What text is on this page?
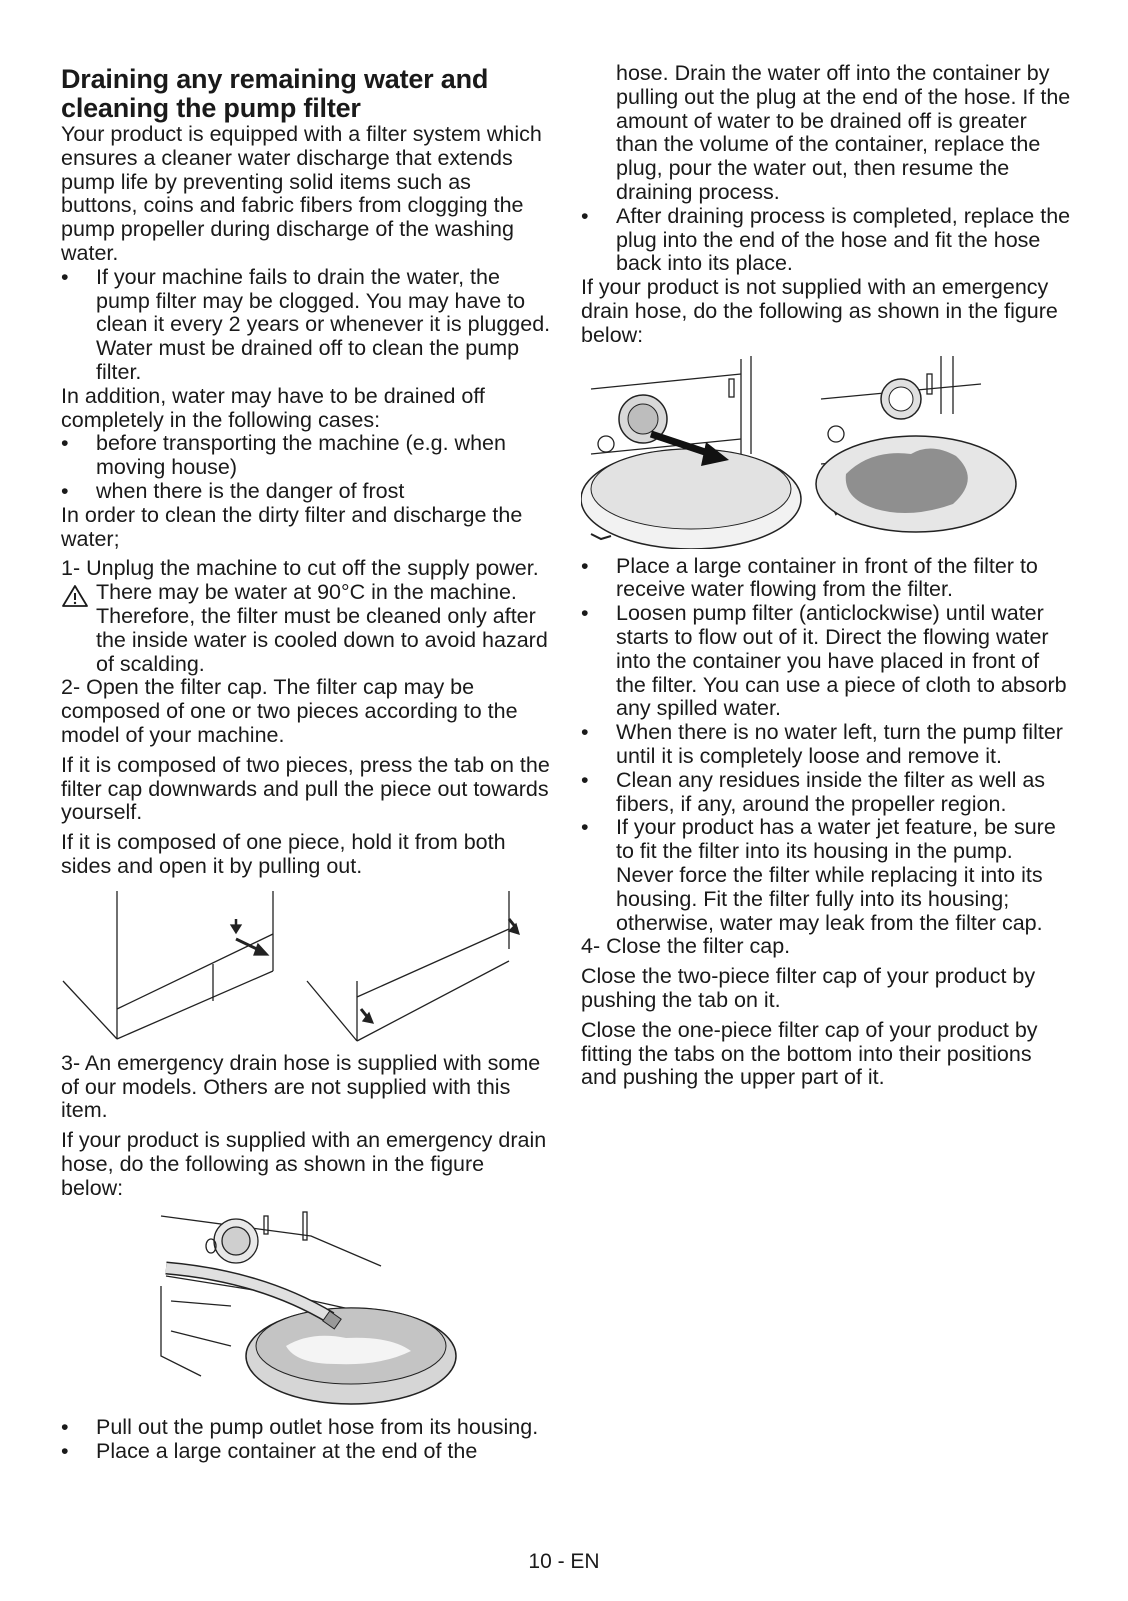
Draining any remaining water and cleaning the pump filter

Your product is equipped with a filter system which ensures a cleaner water discharge that extends pump life by preventing solid items such as buttons, coins and fabric fibers from clogging the pump propeller during discharge of the washing water.

• If your machine fails to drain the water, the pump filter may be clogged. You may have to clean it every 2 years or whenever it is plugged. Water must be drained off to clean the pump filter.

In addition, water may have to be drained off completely in the following cases:

• before transporting the machine (e.g. when moving house)

• when there is the danger of frost

In order to clean the dirty filter and discharge the water;

1- Unplug the machine to cut off the supply power.

There may be water at 90°C in the machine. Therefore, the filter must be cleaned only after the inside water is cooled down to avoid hazard of scalding.

2- Open the filter cap. The filter cap may be composed of one or two pieces according to the model of your machine.

If it is composed of two pieces, press the tab on the filter cap downwards and pull the piece out towards yourself.

If it is composed of one piece, hold it from both sides and open it by pulling out.

3- An emergency drain hose is supplied with some of our models. Others are not supplied with this item.

If your product is supplied with an emergency drain hose, do the following as shown in the figure below:

• Pull out the pump outlet hose from its housing.

• Place a large container at the end of the

hose. Drain the water off into the container by pulling out the plug at the end of the hose. If the amount of water to be drained off is greater than the volume of the container, replace the plug, pour the water out, then resume the draining process.

• After draining process is completed, replace the plug into the end of the hose and fit the hose back into its place.

If your product is not supplied with an emergency drain hose, do the following as shown in the figure below:

• Place a large container in front of the filter to receive water flowing from the filter.

• Loosen pump filter (anticlockwise) until water starts to flow out of it. Direct the flowing water into the container you have placed in front of the filter. You can use a piece of cloth to absorb any spilled water.

• When there is no water left, turn the pump filter until it is completely loose and remove it.

• Clean any residues inside the filter as well as fibers, if any, around the propeller region.

• If your product has a water jet feature, be sure to fit the filter into its housing in the pump. Never force the filter while replacing it into its housing. Fit the filter fully into its housing; otherwise, water may leak from the filter cap.

4- Close the filter cap.

Close the two-piece filter cap of your product by pushing the tab on it.

Close the one-piece filter cap of your product by fitting the tabs on the bottom into their positions and pushing the upper part of it.

10 - EN
